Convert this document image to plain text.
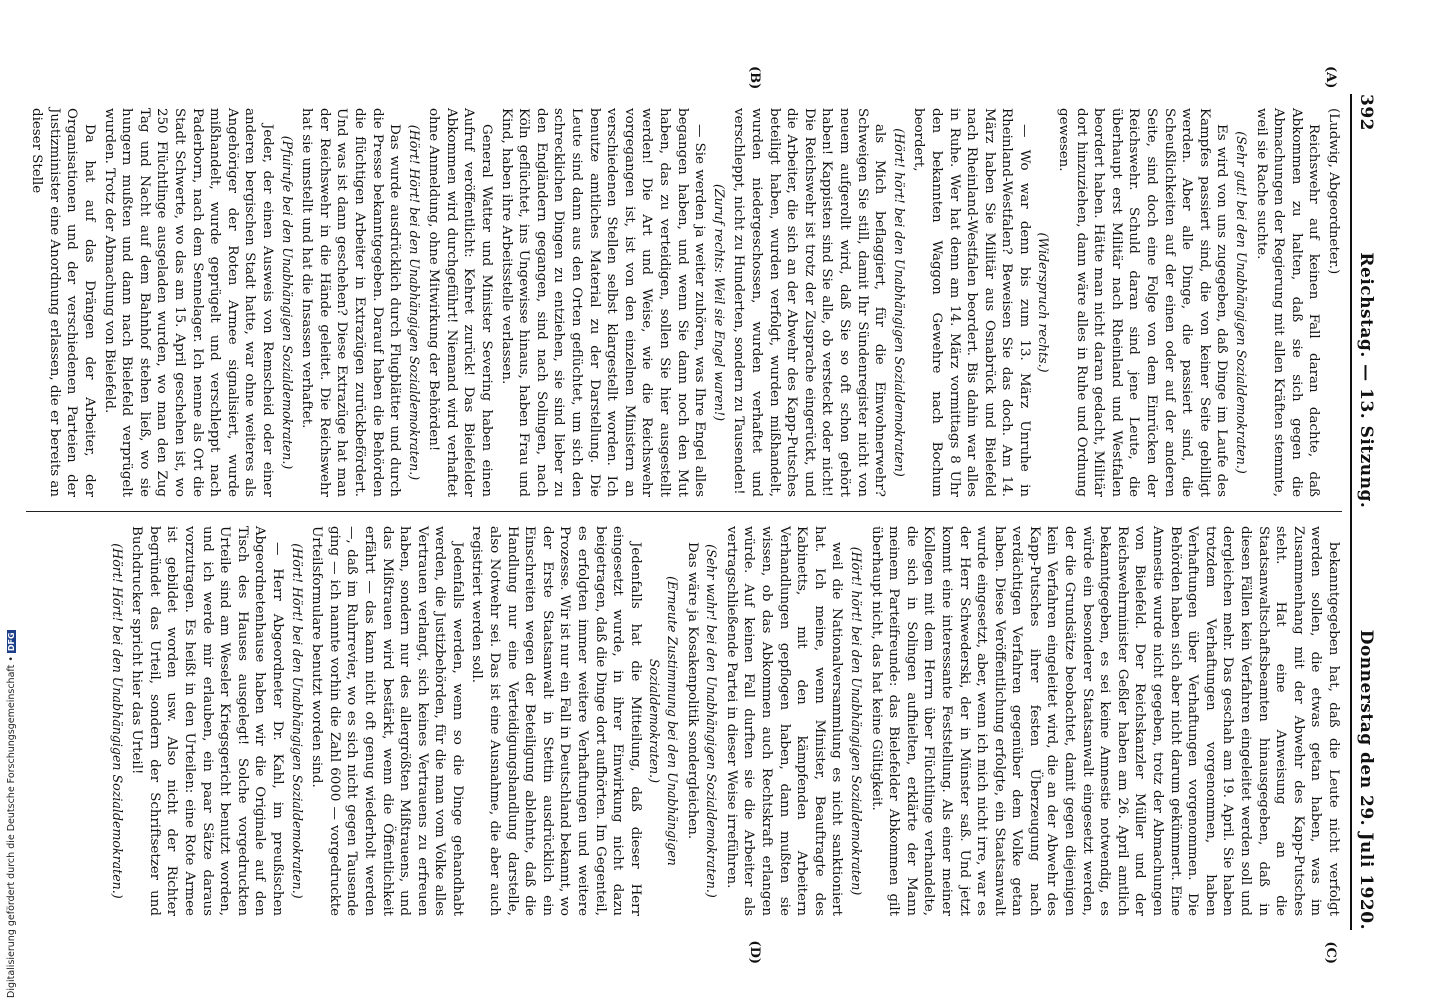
392
Reichstag. — 13. Sitzung.
Donnerstag den 29. Juli 1920.
(A)
(B)
(C)
(D)

(Ludwig, Abgeordneter.)

Reichswehr auf keinen Fall daran dachte, daß Abkommen zu halten, daß sie sich gegen die Abmachungen der Regierung mit allen Kräften stemmte, weil sie Rache suchte.

(Sehr gut! bei den Unabhängigen Sozialdemokraten.)

Es wird von uns zugegeben, daß Dinge im Laufe des Kampfes passiert sind, die von keiner Seite gebilligt werden. Aber alle Dinge, die passiert sind, die Scheußlichkeiten auf der einen oder auf der anderen Seite, sind doch eine Folge von dem Einrücken der Reichswehr. Schuld daran sind jene Leute, die überhaupt erst Militär nach Rheinland und Westfalen beordert haben. Hätte man nicht daran gedacht, Militär dort hinzuziehen, dann wäre alles in Ruhe und Ordnung gewesen.

(Widerspruch rechts.)

— Wo war denn bis zum 13. März Unruhe in Rheinland-Westfalen? Beweisen Sie das doch. Am 14. März haben Sie Militär aus Osnabrück und Bielefeld nach Rheinland-Westfalen beordert. Bis dahin war alles in Ruhe. Wer hat denn am 14. März vormittags 8 Uhr den bekannten Waggon Gewehre nach Bochum beordert,

(Hört! hört! bei den Unabhängigen Sozialdemokraten)

als Mich beflaggiert, für die Einwohnerwehr? Schweigen Sie still, damit Ihr Sündenregister nicht von neuem aufgerollt wird, daß Sie so oft schon gehört haben! Kappisten sind Sie alle, ob versteckt oder nicht! Die Reichswehr ist trotz der Zusprache eingerückt, und die Arbeiter, die sich an der Abwehr des Kapp-Putsches beteiligt haben, wurden verfolgt, wurden mißhandelt, wurden niedergeschossen, wurden verhaftet und verschleppt, nicht zu Hunderten, sondern zu Tausenden!

(Zuruf rechts: Weil sie Engel waren!)

— Sie werden ja weiter zuhören, was Ihre Engel alles begangen haben, und wenn Sie dann noch den Mut haben, das zu verteidigen, sollen Sie hier ausgestellt werden! Die Art und Weise, wie die Reichswehr vorgegangen ist, ist von den einzelnen Ministern an verschiedenen Stellen selbst klargestellt worden. Ich benutze amtliches Material zu der Darstellung. Die Leute sind dann aus den Orten geflüchtet, um sich den schrecklichen Dingen zu entziehen, sie sind lieber zu den Engländern gegangen, sind nach Solingen, nach Köln geflüchtet, ins Ungewisse hinaus, haben Frau und Kind, haben ihre Arbeitsstelle verlassen.

General Watter und Minister Severing haben einen Aufruf veröffentlicht: Kehret zurück! Das Bielefelder Abkommen wird durchgeführt! Niemand wird verhaftet ohne Anmeldung, ohne Mitwirkung der Behörden!

(Hört! Hört! bei den Unabhängigen Sozialdemokraten.)

Das wurde ausdrücklich durch Flugblätter und durch die Presse bekanntgegeben. Darauf haben die Behörden die flüchtigen Arbeiter in Extrazügen zurückbefördert. Und was ist dann geschehen? Diese Extrazüge hat man der Reichswehr in die Hände geleitet. Die Reichswehr hat sie umstellt und hat die Insassen verhaftet.

(Pfuirufe bei den Unabhängigen Sozialdemokraten.)

Jeder, der einen Ausweis von Remscheid oder einer anderen bergischen Stadt hatte, war ohne weiteres als Angehöriger der Roten Armee signalisiert, wurde mißhandelt, wurde geprügelt und verschleppt nach Paderborn, nach dem Sennelager. Ich nenne als Ort die Stadt Schwerte, wo das am 15. April geschehen ist, wo 250 Flüchtlinge ausgeladen wurden, wo man den Zug Tag und Nacht auf dem Bahnhof stehen ließ, wo sie hungern mußten und dann nach Bielefeld verprügelt wurden. Trotz der Abmachung von Bielefeld.

Da hat auf das Drängen der Arbeiter, der Organisationen und der verschiedenen Parteien der Justizminister eine Anordnung erlassen, die er bereits an dieser Stelle

bekanntgegeben hat, daß die Leute nicht verfolgt werden sollen, die etwas getan haben, was im Zusammenhang mit der Abwehr des Kapp-Putsches steht. Hat eine Anweisung an die Staatsanwaltschaftsbeamten hinausgegeben, daß in diesen Fällen kein Verfahren eingeleitet werden soll und dergleichen mehr. Das geschah am 19. April. Sie haben trotzdem Verhaftungen vorgenommen, haben Verhaftungen über Verhaftungen vorgenommen. Die Behörden haben sich aber nicht darum gekümmert. Eine Amnestie wurde nicht gegeben, trotz der Abmachungen von Bielefeld. Der Reichskanzler Müller und der Reichswehrminister Geßler haben am 26. April amtlich bekanntgegeben, es sei keine Amnestie notwendig, es würde ein besonderer Staatsanwalt eingesetzt werden, der die Grundsätze beobachtet, damit gegen diejenigen kein Verfahren eingeleitet wird, die an der Abwehr des Kapp-Putsches ihrer festen Überzeugung nach verdächtigen Verfahren gegenüber dem Volke getan haben. Diese Veröffentlichung erfolgte, ein Staatsanwalt wurde eingesetzt, aber, wenn ich mich nicht irre, war es der Herr Schwederski, der in Münster saß. Und jetzt kommt eine interessante Feststellung. Als einer meiner Kollegen mit dem Herrn über Flüchtlinge verhandelte, die sich in Solingen aufhielten, erklärte der Mann meinem Parteifreunde: das Bielefelder Abkommen gilt überhaupt nicht, das hat keine Gültigkeit.

(Hört! hört! bei den Unabhängigen Sozialdemokraten)

weil die Nationalversammlung es nicht sanktioniert hat. Ich meine, wenn Minister, Beauftragte des Kabinetts, mit den kämpfenden Arbeitern Verhandlungen gepflogen haben, dann mußten sie wissen, ob das Abkommen auch Rechtskraft erlangen würde. Auf keinen Fall durften sie die Arbeiter als vertragschließende Partei in dieser Weise irreführen.

(Sehr wahr! bei den Unabhängigen Sozialdemokraten.)

Das wäre ja Kosakenpolitik sondergleichen.

(Erneute Zustimmung bei den Unabhängigen Sozialdemokraten.)

Jedenfalls hat die Mitteilung, daß dieser Herr eingesetzt wurde, in ihrer Einwirkung nicht dazu beigetragen, daß die Dinge dort aufhörten. Im Gegenteil, es erfolgten immer weitere Verhaftungen und weitere Prozesse. Wir ist nur ein Fall in Deutschland bekannt, wo der Erste Staatsanwalt in Stettin ausdrücklich ein Einschreiten wegen der Beteiligung ablehnte, daß die Handlung nur eine Verteidigungshandlung darstelle, also Notwehr sei. Das ist eine Ausnahme, die aber auch registriert werden soll.

Jedenfalls werden, wenn so die Dinge gehandhabt werden, die Justizbehörden, für die man vom Volke alles Vertrauen verlangt, sich keines Vertrauens zu erfreuen haben, sondern nur des allergrößten Mißtrauens, und das Mißtrauen wird bestärkt, wenn die Öffentlichkeit erfährt — das kann nicht oft genug wiederholt werden —, daß im Ruhrrevier, wo es sich nicht gegen Tausende ging — ich nannte vorhin die Zahl 6000 — vorgedruckte Urteilsformulare benutzt worden sind.

(Hört! Hört! bei den Unabhängigen Sozialdemokraten.)

— Herr Abgeordneter Dr. Kahl, im preußischen Abgeordnetenhause haben wir die Originale auf den Tisch des Hauses ausgelegt! Solche vorgedruckten Urteile sind am Weseler Kriegsgericht benutzt worden, und ich werde mir erlauben, ein paar Sätze daraus vorzutragen. Es heißt in den Urteilen: eine Rote Armee ist gebildet worden usw. Also nicht der Richter begründet das Urteil, sondern der Schriftsetzer und Buchdrucker spricht hier das Urteil!

(Hört! Hört! bei den Unabhängigen Sozialdemokraten.)

Digitalisierung gefördert durch die Deutsche Forschungsgemeinschaft •DFG
